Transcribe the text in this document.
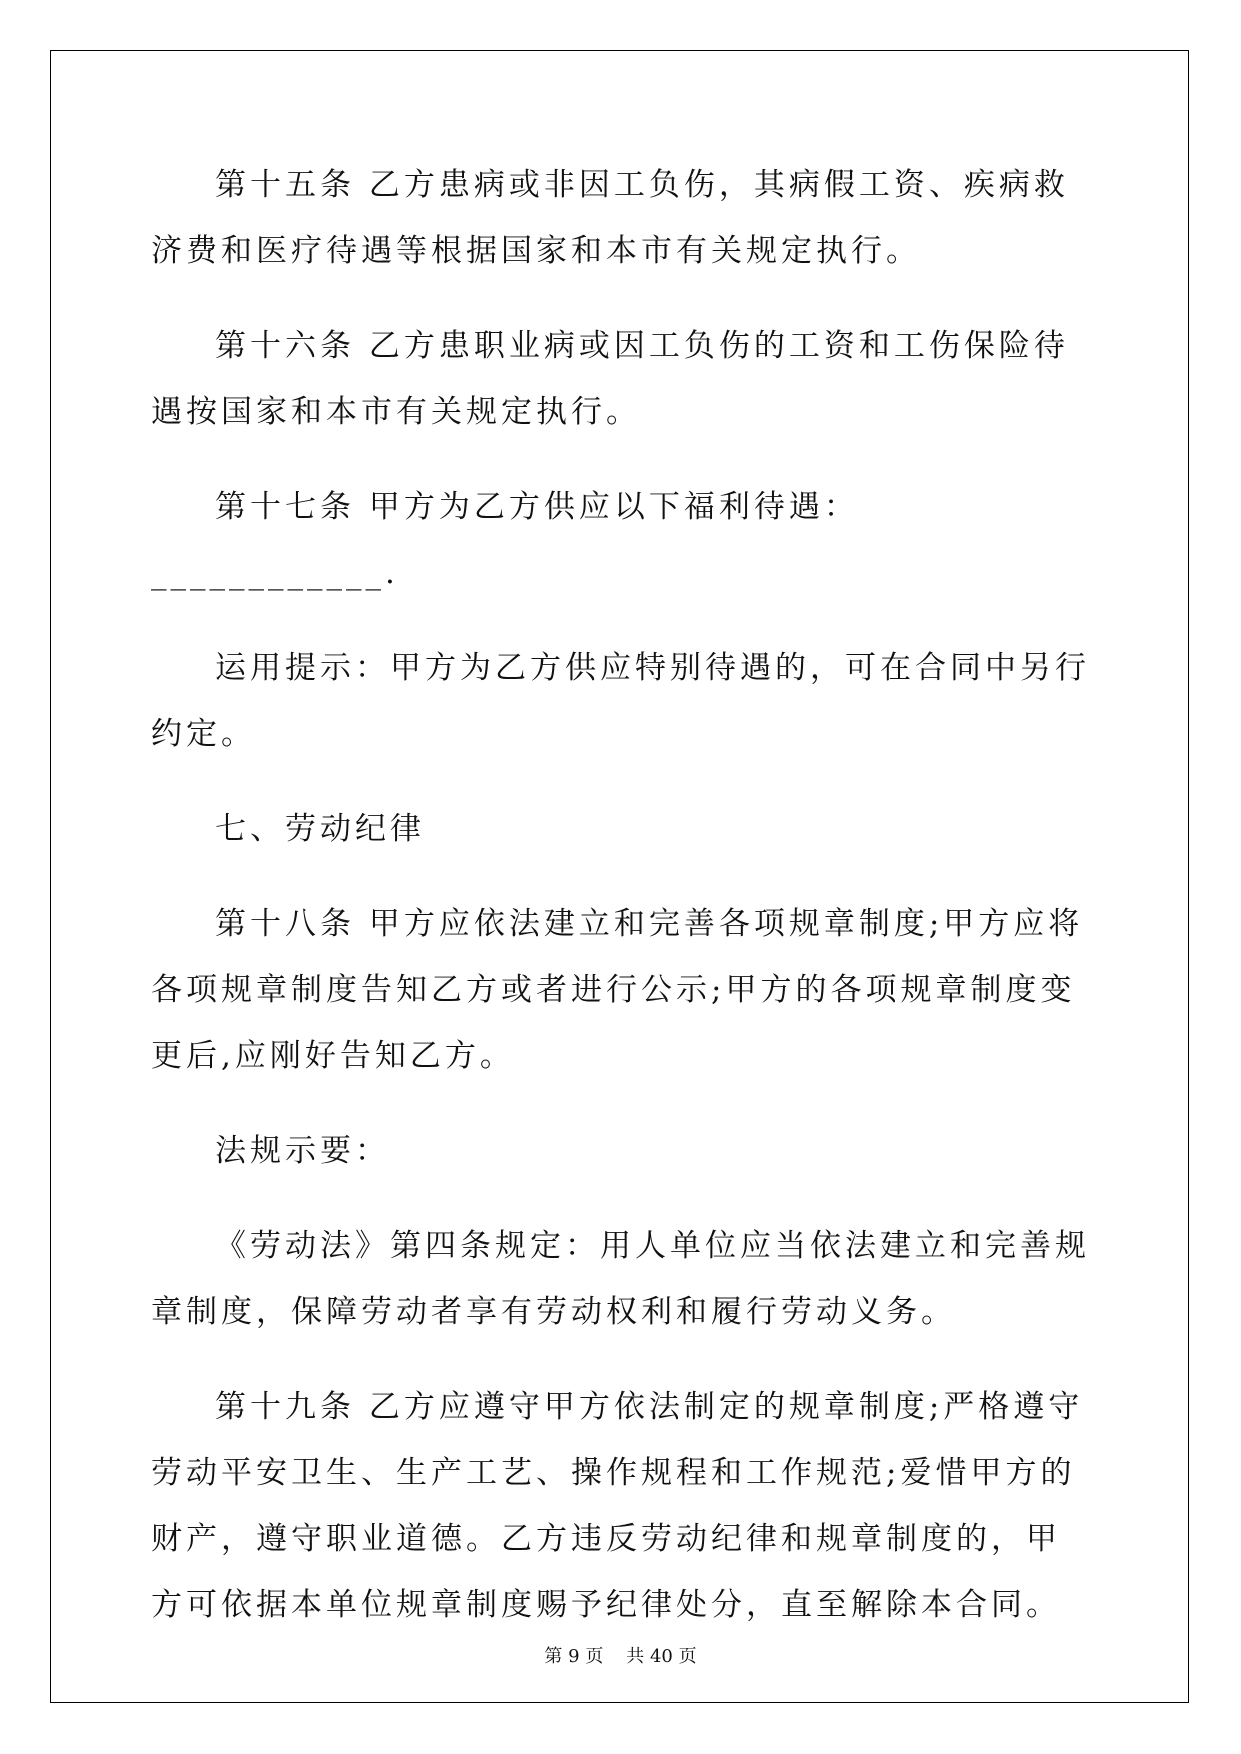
第十五条 乙方患病或非因工负伤，其病假工资、疾病救济费和医疗待遇等根据国家和本市有关规定执行。

第十六条 乙方患职业病或因工负伤的工资和工伤保险待遇按国家和本市有关规定执行。

第十七条 甲方为乙方供应以下福利待遇：____________.

运用提示：甲方为乙方供应特别待遇的，可在合同中另行约定。

七、劳动纪律

第十八条 甲方应依法建立和完善各项规章制度;甲方应将各项规章制度告知乙方或者进行公示;甲方的各项规章制度变更后,应刚好告知乙方。

法规示要：

《劳动法》第四条规定：用人单位应当依法建立和完善规章制度，保障劳动者享有劳动权利和履行劳动义务。

第十九条 乙方应遵守甲方依法制定的规章制度;严格遵守劳动平安卫生、生产工艺、操作规程和工作规范;爱惜甲方的财产，遵守职业道德。乙方违反劳动纪律和规章制度的，甲方可依据本单位规章制度赐予纪律处分，直至解除本合同。

第 9 页 共 40 页
